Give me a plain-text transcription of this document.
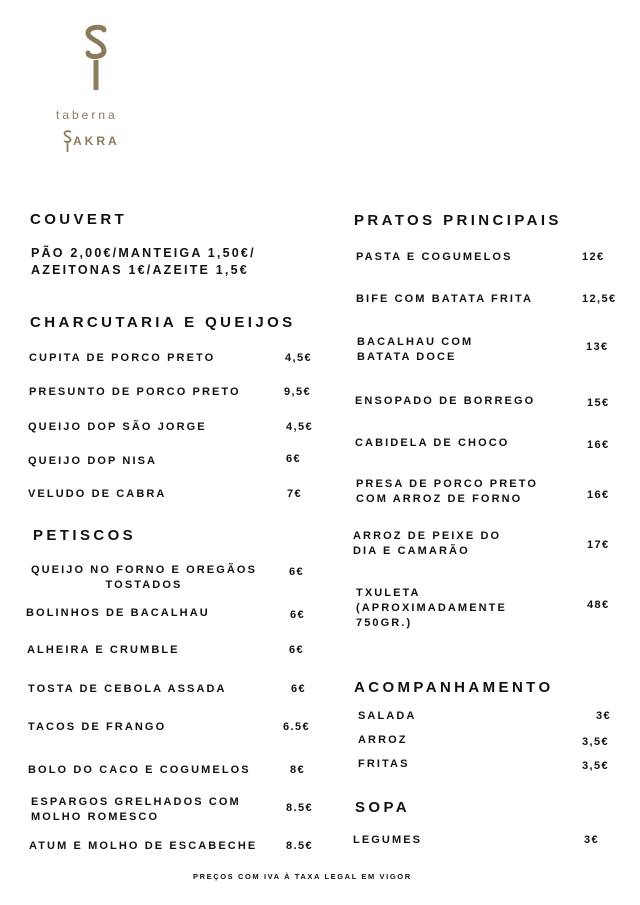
taberna
AKRA
COUVERT
PÃO 2,00€/MANTEIGA 1,50€/
AZEITONAS 1€/AZEITE 1,5€
CHARCUTARIA E QUEIJOS
CUPITA DE PORCO PRETO	4,5€
PRESUNTO DE PORCO PRETO	9,5€
QUEIJO DOP SÃO JORGE	4,5€
QUEIJO DOP NISA	6€
VELUDO DE CABRA	7€
PETISCOS
QUEIJO NO FORNO E OREGÃOS
TOSTADOS
6€
BOLINHOS DE BACALHAU	6€
ALHEIRA E CRUMBLE	6€
TOSTA DE CEBOLA ASSADA	6€
TACOS DE FRANGO	6.5€
BOLO DO CACO E COGUMELOS	8€
ESPARGOS GRELHADOS COM
MOLHO ROMESCO
8.5€
ATUM E MOLHO DE ESCABECHE	8.5€
PRATOS PRINCIPAIS
PASTA E COGUMELOS	12€
BIFE COM BATATA FRITA	12,5€
BACALHAU COM
BATATA DOCE
13€
ENSOPADO DE BORREGO	15€
CABIDELA DE CHOCO	16€
PRESA DE PORCO PRETO
COM ARROZ DE FORNO	16€
ARROZ DE PEIXE DO
DIA E CAMARÃO	17€
TXULETA
(APROXIMADAMENTE
750GR.)
48€
ACOMPANHAMENTO
SALADA	3€
ARROZ	3,5€
FRITAS	3,5€
SOPA
LEGUMES	3€
PREÇOS COM IVA À TAXA LEGAL EM VIGOR
